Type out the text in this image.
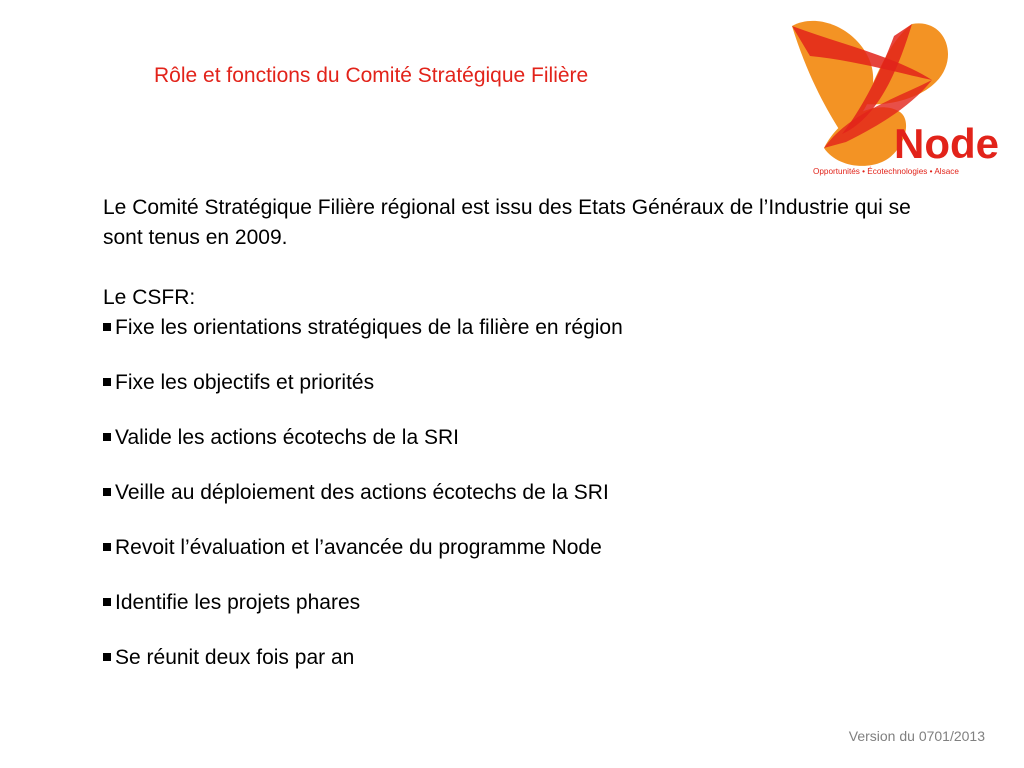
Rôle et fonctions du Comité Stratégique Filière
Node
Opportunités • Écotechnologies • Alsace

Le Comité Stratégique Filière régional est issu des Etats Généraux de l’Industrie qui se sont tenus en 2009.

Le CSFR:

Fixe les orientations stratégiques de la filière en région
Fixe les objectifs et priorités
Valide les actions écotechs de la SRI
Veille au déploiement des actions écotechs de la SRI
Revoit l’évaluation et l’avancée du programme Node
Identifie les projets phares
Se réunit deux fois par an
Version du 0701/2013
